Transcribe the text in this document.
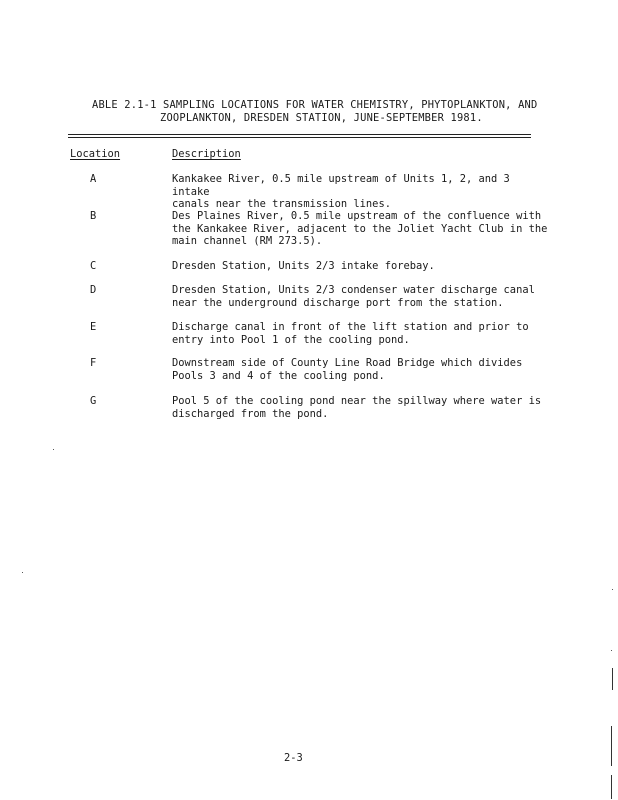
ABLE 2.1-1 SAMPLING LOCATIONS FOR WATER CHEMISTRY, PHYTOPLANKTON, AND
ZOOPLANKTON, DRESDEN STATION, JUNE-SEPTEMBER 1981.
Location	Description
A	Kankakee River, 0.5 mile upstream of Units 1, 2, and 3 intake
canals near the transmission lines.
B	Des Plaines River, 0.5 mile upstream of the confluence with
the Kankakee River, adjacent to the Joliet Yacht Club in the
main channel (RM 273.5).
C	Dresden Station, Units 2/3 intake forebay.
D	Dresden Station, Units 2/3 condenser water discharge canal
near the underground discharge port from the station.
E	Discharge canal in front of the lift station and prior to
entry into Pool 1 of the cooling pond.
F	Downstream side of County Line Road Bridge which divides
Pools 3 and 4 of the cooling pond.
G	Pool 5 of the cooling pond near the spillway where water is
discharged from the pond.
2-3
